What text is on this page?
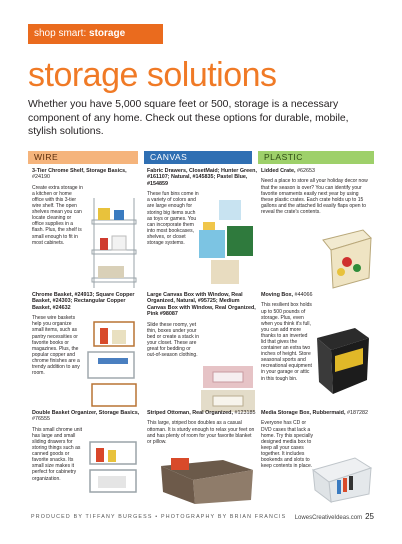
shop smart: storage
storage solutions

Whether you have 5,000 square feet or 500, storage is a necessary component of any home. Check out these options for durable, mobile, stylish solutions.

WIRE	CANVAS	PLASTIC
3-Tier Chrome Shelf, Storage Basics, #24190
Create extra storage in a kitchen or home office with this 3-tier wire shelf. The open shelves mean you can locate cleaning or office supplies in a flash. Plus, the shelf is small enough to fit in most cabinets.
Fabric Drawers, ClosetMaid; Hunter Green, #161107; Natural, #145835; Pastel Blue, #154859
These fun bins come in a variety of colors and are large enough for storing big items such as toys or games. You can incorporate them into most bookcases, shelves, or closet storage systems.
Lidded Crate, #62653
Need a place to store all your holiday decor now that the season is over? You can identify your favorite ornaments easily next year by using these plastic crates. Each crate holds up to 15 gallons and the attached lid easily flaps open to reveal the crate's contents.
Chrome Basket, #24913; Square Copper Basket, #24303; Rectangular Copper Basket, #24632
These wire baskets help you organize small items, such as pantry necessities or favorite books or magazines. Plus, the popular copper and chrome finishes are a trendy addition to any room.
Large Canvas Box with Window, Real Organized, Natural, #95725; Medium Canvas Box with Window, Real Organized, Pink #98087
Slide these roomy, yet thin, boxes under your bed or create a stack in your closet. These are great for bedding or out-of-season clothing.
Moving Box, #44066
This resilient box holds up to 500 pounds of storage. Plus, even when you think it's full, you can add more thanks to an inverted lid that gives the container an extra two inches of height. Store seasonal sports and recreational equipment in your garage or attic in this tough bin.
Double Basket Organizer, Storage Basics, #76555
This small chrome unit has large and small sliding drawers for storing things such as canned goods or favorite snacks. Its small size makes it perfect for cabinetry organization.
Striped Ottoman, Real Organized, #123185
This large, striped box doubles as a casual ottoman. It is sturdy enough to relax your feet on and has plenty of room for your favorite blanket or pillow.
Media Storage Box, Rubbermaid, #187282
Everyone has CD or DVD cases that lack a home. Try this specially designed media box to keep all your cases together. It includes bookends and slots to keep contents in place.
PRODUCED BY TIFFANY BURGESS • PHOTOGRAPHY BY BRIAN FRANCIS LowesCreativeIdeas.com 25
